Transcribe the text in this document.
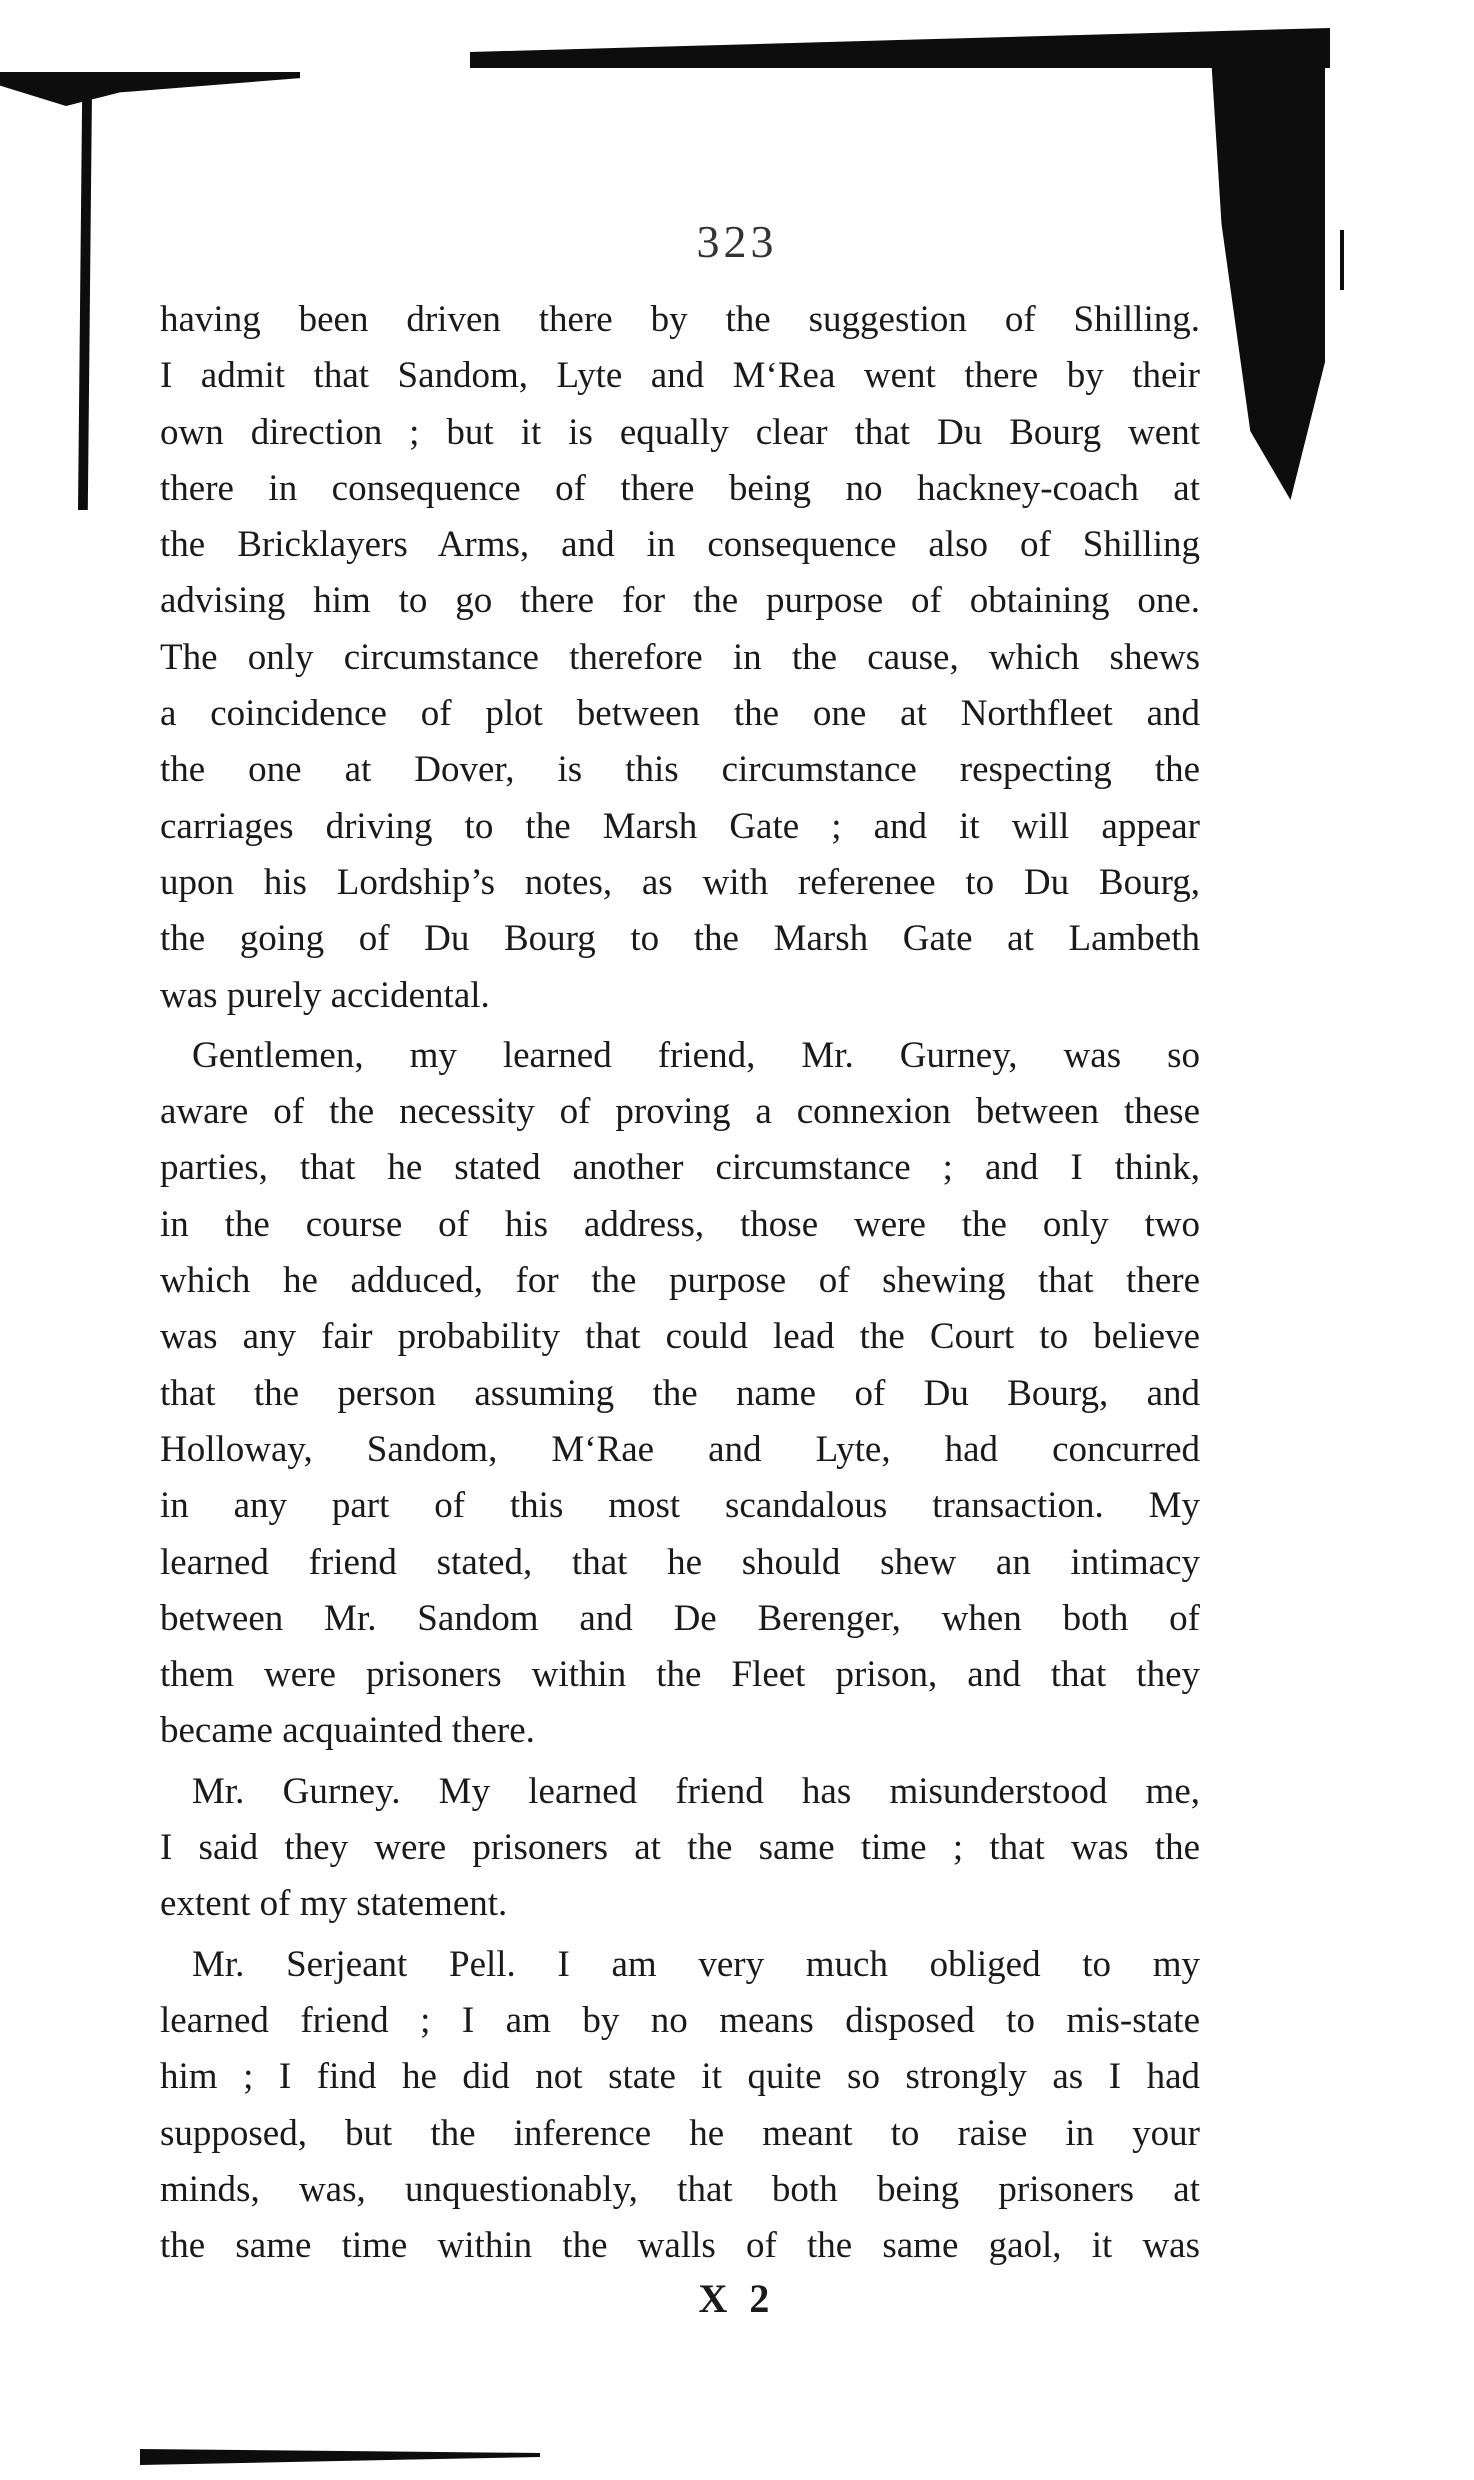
323
having been driven there by the suggestion of Shilling.
I admit that Sandom, Lyte and M‘Rea went there by their
own direction ; but it is equally clear that Du Bourg went
there in consequence of there being no hackney-coach at
the Bricklayers Arms, and in consequence also of Shilling
advising him to go there for the purpose of obtaining one.
The only circumstance therefore in the cause, which shews
a coincidence of plot between the one at Northfleet and
the one at Dover, is this circumstance respecting the
carriages driving to the Marsh Gate ; and it will appear
upon his Lordship’s notes, as with referenee to Du Bourg,
the going of Du Bourg to the Marsh Gate at Lambeth
was purely accidental.
Gentlemen, my learned friend, Mr. Gurney, was so
aware of the necessity of proving a connexion between these
parties, that he stated another circumstance ; and I think,
in the course of his address, those were the only two
which he adduced, for the purpose of shewing that there
was any fair probability that could lead the Court to believe
that the person assuming the name of Du Bourg, and
Holloway, Sandom, M‘Rae and Lyte, had concurred
in any part of this most scandalous transaction. My
learned friend stated, that he should shew an intimacy
between Mr. Sandom and De Berenger, when both of
them were prisoners within the Fleet prison, and that they
became acquainted there.
Mr. Gurney. My learned friend has misunderstood me,
I said they were prisoners at the same time ; that was the
extent of my statement.
Mr. Serjeant Pell. I am very much obliged to my
learned friend ; I am by no means disposed to mis-state
him ; I find he did not state it quite so strongly as I had
supposed, but the inference he meant to raise in your
minds, was, unquestionably, that both being prisoners at
the same time within the walls of the same gaol, it was
X 2
